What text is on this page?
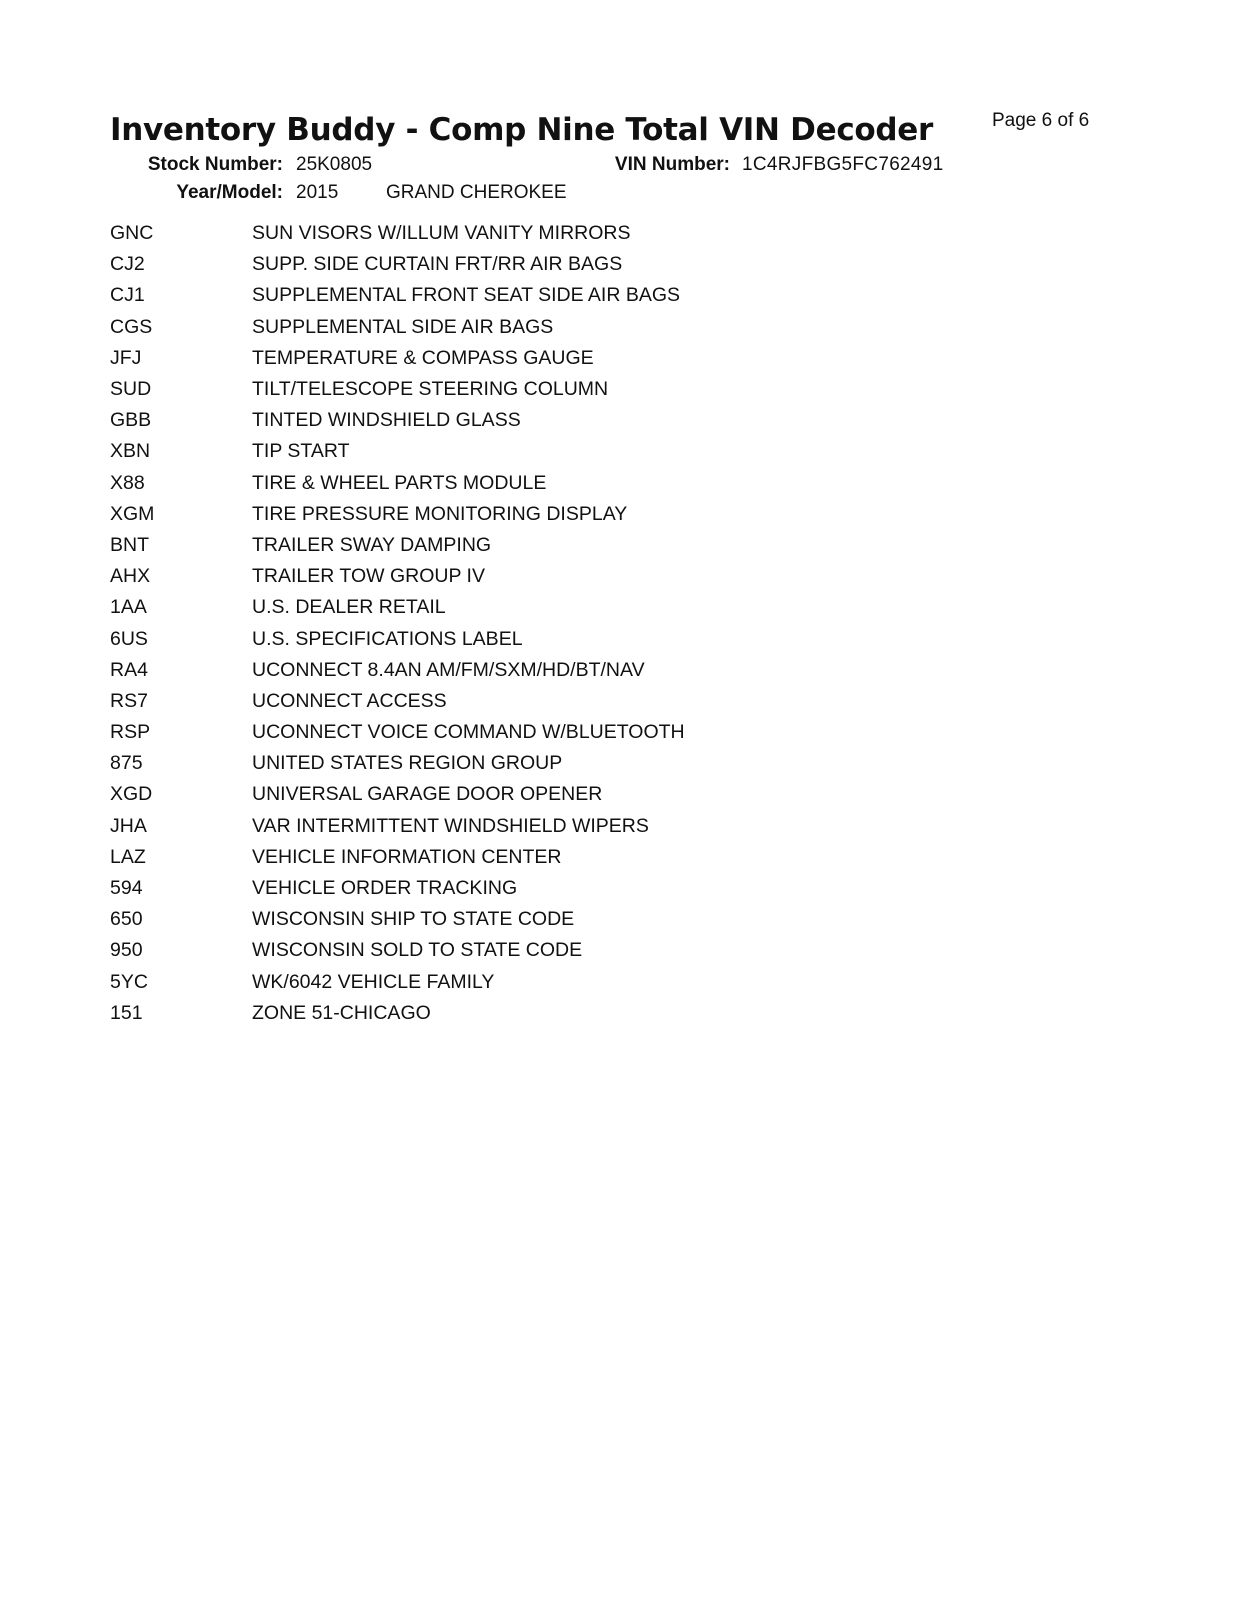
Inventory Buddy - Comp Nine Total VIN Decoder	Page 6 of 6
Stock Number: 25K0805	VIN Number: 1C4RJFBG5FC762491
Year/Model: 2015	GRAND CHEROKEE
GNC	SUN VISORS W/ILLUM VANITY MIRRORS
CJ2	SUPP. SIDE CURTAIN FRT/RR AIR BAGS
CJ1	SUPPLEMENTAL FRONT SEAT SIDE AIR BAGS
CGS	SUPPLEMENTAL SIDE AIR BAGS
JFJ	TEMPERATURE & COMPASS GAUGE
SUD	TILT/TELESCOPE STEERING COLUMN
GBB	TINTED WINDSHIELD GLASS
XBN	TIP START
X88	TIRE & WHEEL PARTS MODULE
XGM	TIRE PRESSURE MONITORING DISPLAY
BNT	TRAILER SWAY DAMPING
AHX	TRAILER TOW GROUP IV
1AA	U.S. DEALER RETAIL
6US	U.S. SPECIFICATIONS LABEL
RA4	UCONNECT 8.4AN AM/FM/SXM/HD/BT/NAV
RS7	UCONNECT ACCESS
RSP	UCONNECT VOICE COMMAND W/BLUETOOTH
875	UNITED STATES REGION GROUP
XGD	UNIVERSAL GARAGE DOOR OPENER
JHA	VAR INTERMITTENT WINDSHIELD WIPERS
LAZ	VEHICLE INFORMATION CENTER
594	VEHICLE ORDER TRACKING
650	WISCONSIN SHIP TO STATE CODE
950	WISCONSIN SOLD TO STATE CODE
5YC	WK/6042 VEHICLE FAMILY
151	ZONE 51-CHICAGO
